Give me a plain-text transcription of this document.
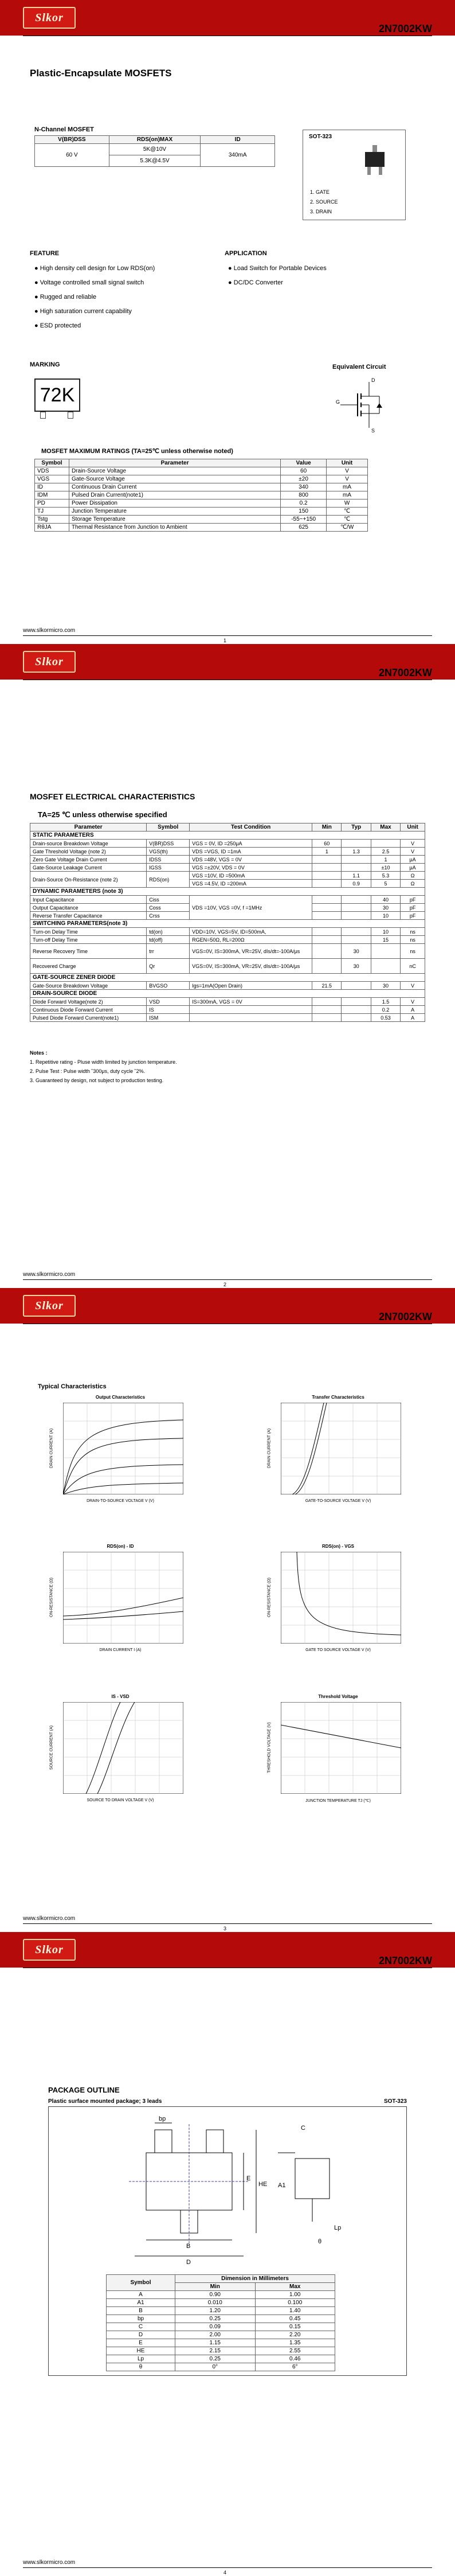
Slkor
2N7002KW
Plastic-Encapsulate MOSFETS
N-Channel MOSFET
V(BR)DSS	RDS(on)MAX	ID
60 V	5K@10V	340mA
	5.3K@4.5V	
SOT-323
1. GATE
2. SOURCE
3. DRAIN
FEATURE
● High density cell design for Low RDS(on)
● Voltage controlled small signal switch
● Rugged and reliable
● High saturation current capability
● ESD protected
APPLICATION
● Load Switch for Portable Devices
● DC/DC Converter
MARKING
72K
Equivalent Circuit
D
G
S
MOSFET MAXIMUM RATINGS (TA=25℃ unless otherwise noted)
Symbol	Parameter	Value	Unit
VDS	Drain-Source Voltage	60	V
VGS	Gate-Source Voltage	±20	V
ID	Continuous Drain Current	340	mA
IDM	Pulsed Drain Current(note1)	800	mA
PD	Power Dissipation	0.2	W
TJ	Junction Temperature	150	℃
Tstg	Storage Temperature	-55~+150	℃
RθJA	Thermal Resistance from Junction to Ambient	625	℃/W
www.slkormicro.com
1
Slkor
2N7002KW
MOSFET ELECTRICAL CHARACTERISTICS
TA=25 ℃ unless otherwise specified
Parameter	Symbol	Test Condition	Min	Typ	Max	Unit
STATIC PARAMETERS						
Drain-source Breakdown Voltage	V(BR)DSS	VGS = 0V, ID =250μA	60			V
Gate Threshold Voltage (note 2)	VGS(th)	VDS =VGS, ID =1mA	1	1.3	2.5	V
Zero Gate Voltage Drain Current	IDSS	VDS =48V, VGS = 0V			1	μA
Gate-Source Leakage Current	IGSS	VGS =±20V, VDS = 0V			±10	μA
Drain-Source On-Resistance (note 2)	RDS(on)	VGS =10V, ID =500mA		1.1	5.3	Ω
		VGS =4.5V, ID =200mA		0.9	5	Ω
DYNAMIC PARAMETERS (note 3)						
Input Capacitance	Ciss	VDS =10V, VGS =0V, f =1MHz			40	pF
Output Capacitance	Coss				30	pF
Reverse Transfer Capacitance	Crss				10	pF
SWITCHING PARAMETERS(note 3)						
Turn-on Delay Time	td(on)	VDD=10V, VGS=5V, ID=500mA,			10	ns
Turn-off Delay Time	td(off)	RGEN=50Ω, RL=200Ω			15	ns
Reverse Recovery Time	trr	VGS=0V, IS=300mA, VR=25V, dIs/dt=-100A/μs		30		ns
Recovered Charge	Qr	VGS=0V, IS=300mA, VR=25V, dIs/dt=-100A/μs		30		nC
GATE-SOURCE ZENER DIODE						
Gate-Source Breakdown Voltage	BVGSO	Igs=1mA(Open Drain)	21.5		30	V
DRAIN-SOURCE DIODE						
Diode Forward Voltage(note 2)	VSD	IS=300mA, VGS = 0V			1.5	V
Continuous Diode Forward Current	IS				0.2	A
Pulsed Diode Forward Current(note1)	ISM				0.53	A
Notes :
1. Repetitive rating ‑ Pluse width limited by junction temperature.
2. Pulse Test : Pulse width ˘300μs, duty cycle ˘2%.
3. Guaranteed by design, not subject to production testing.
www.slkormicro.com
2
Slkor
2N7002KW
Typical Characteristics
Output Characteristics
DRAIN-TO-SOURCE VOLTAGE V (V)
DRAIN CURRENT (A)
Transfer Characteristics
GATE-TO-SOURCE VOLTAGE V (V)
DRAIN CURRENT (A)
RDS(on) - ID
DRAIN CURRENT I (A)
ON-RESISTANCE (Ω)
RDS(on) - VGS
GATE TO SOURCE VOLTAGE V (V)
ON-RESISTANCE (Ω)
IS - VSD
SOURCE TO DRAIN VOLTAGE V (V)
SOURCE CURRENT (A)
Threshold Voltage
JUNCTION TEMPERATURE TJ (℃)
THRESHOLD VOLTAGE (V)
www.slkormicro.com
3
Slkor
2N7002KW
PACKAGE OUTLINE
Plastic surface mounted package; 3 leads	SOT-323
bp
E
HE
B
D
C
A1
Lp
θ
Symbol	Dimension in Millimeters	
	Min	Max
A	0.90	1.00
A1	0.010	0.100
B	1.20	1.40
bp	0.25	0.45
C	0.09	0.15
D	2.00	2.20
E	1.15	1.35
HE	2.15	2.55
Lp	0.25	0.46
θ	0°	6°
www.slkormicro.com
4
